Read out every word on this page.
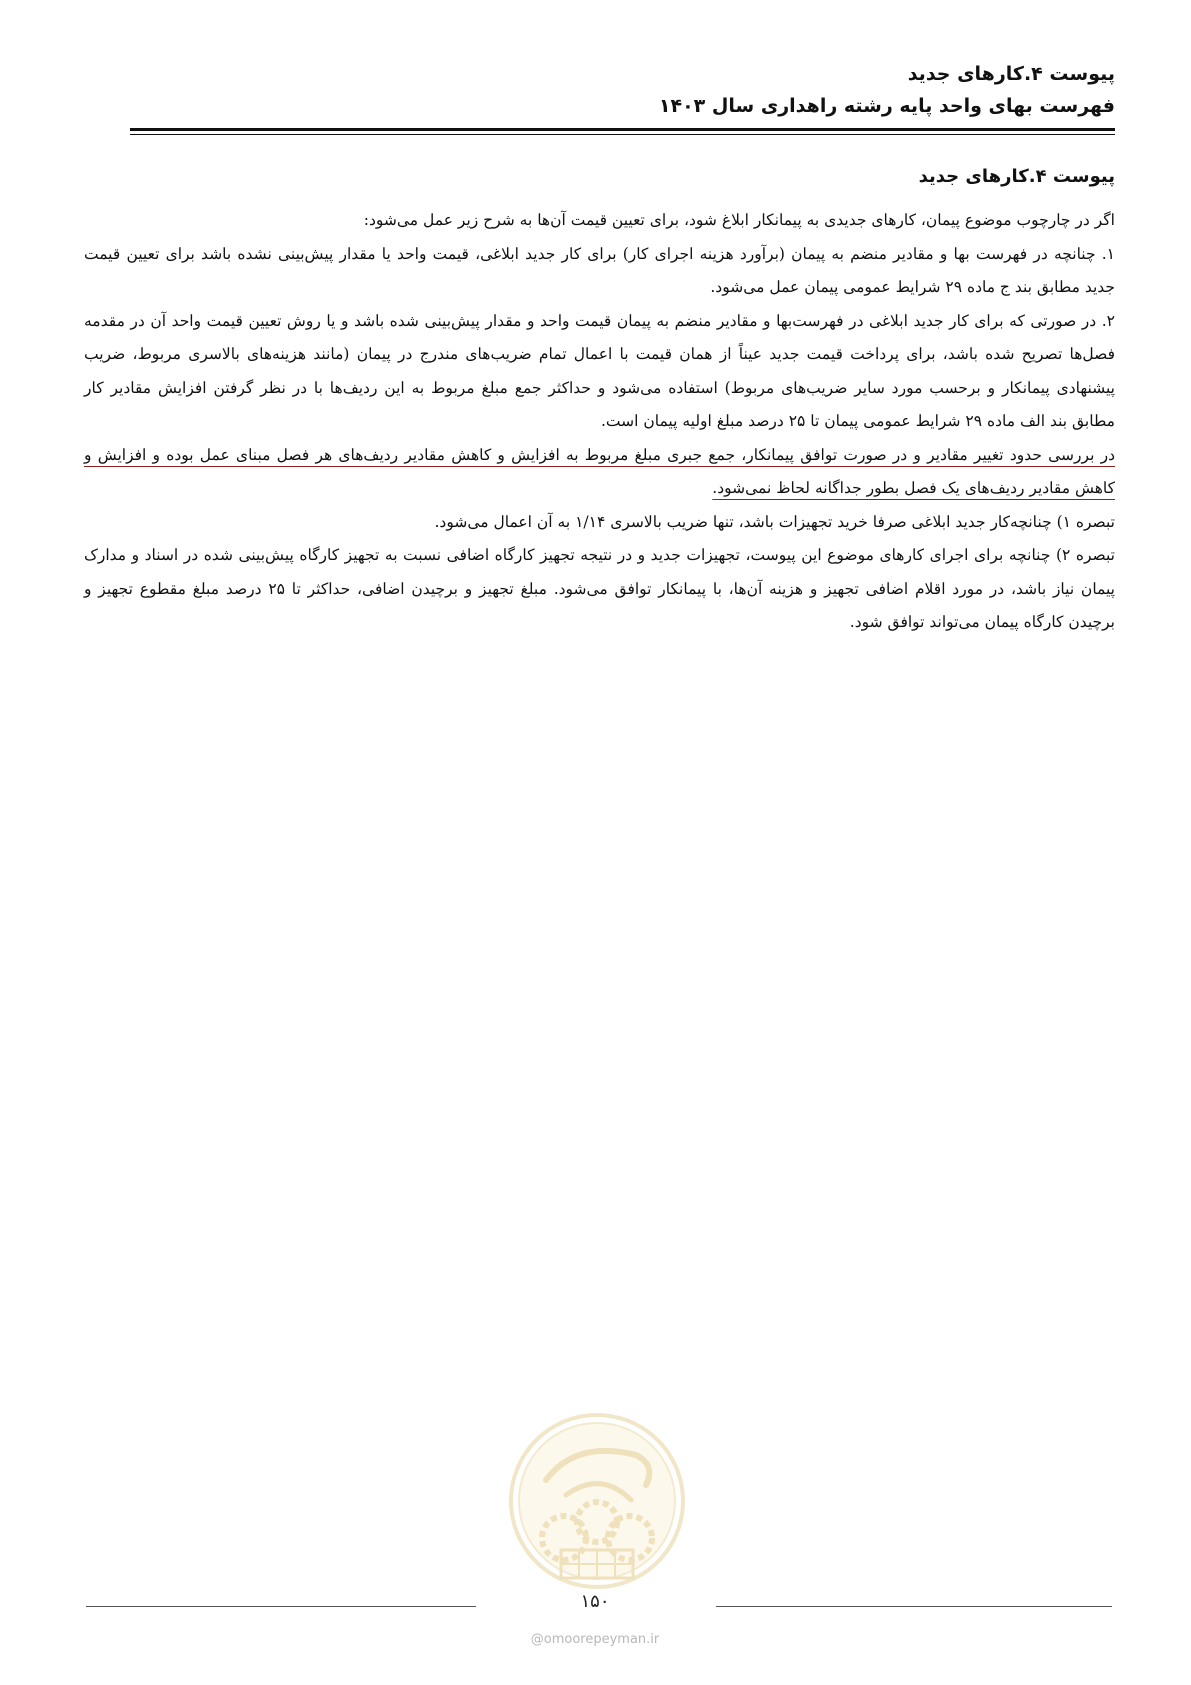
پیوست ۴.کارهای جدید
فهرست بهای واحد پایه رشته راهداری سال ۱۴۰۳
پیوست ۴.کارهای جدید

اگر در چارچوب موضوع پیمان، کارهای جدیدی به پیمانکار ابلاغ شود، برای تعیین قیمت آن‌ها به شرح زیر عمل می‌شود:

۱. چنانچه در فهرست بها و مقادیر منضم به پیمان (برآورد هزینه اجرای کار) برای کار جدید ابلاغی، قیمت واحد یا مقدار پیش‌بینی نشده باشد برای تعیین قیمت جدید مطابق بند ج ماده ۲۹ شرایط عمومی پیمان عمل می‌شود.

۲. در صورتی که برای کار جدید ابلاغی در فهرست‌بها و مقادیر منضم به پیمان قیمت واحد و مقدار پیش‌بینی شده باشد و یا روش تعیین قیمت واحد آن در مقدمه فصل‌ها تصریح شده باشد، برای پرداخت قیمت جدید عیناً از همان قیمت با اعمال تمام ضریب‌های مندرج در پیمان (مانند هزینه‌های بالاسری مربوط، ضریب پیشنهادی پیمانکار و برحسب مورد سایر ضریب‌های مربوط) استفاده می‌شود و حداکثر جمع مبلغ مربوط به این ردیف‌ها با در نظر گرفتن افزایش مقادیر کار مطابق بند الف ماده ۲۹ شرایط عمومی پیمان تا ۲۵ درصد مبلغ اولیه پیمان است.

در بررسی حدود تغییر مقادیر و در صورت توافق پیمانکار، جمع جبری مبلغ مربوط به افزایش و کاهش مقادیر ردیف‌های هر فصل مبنای عمل بوده و افزایش و کاهش مقادیر ردیف‌های یک فصل بطور جداگانه لحاظ نمی‌شود.

تبصره ۱) چنانچه‌کار جدید ابلاغی صرفا خرید تجهیزات باشد، تنها ضریب بالاسری ۱/۱۴ به آن اعمال می‌شود.

تبصره ۲) چنانچه برای اجرای کارهای موضوع این پیوست، تجهیزات جدید و در نتیجه تجهیز کارگاه اضافی نسبت به تجهیز کارگاه پیش‌بینی شده در اسناد و مدارک پیمان نیاز باشد، در مورد اقلام اضافی تجهیز و هزینه آن‌ها، با پیمانکار توافق می‌شود. مبلغ تجهیز و برچیدن اضافی، حداکثر تا ۲۵ درصد مبلغ مقطوع تجهیز و برچیدن کارگاه پیمان می‌تواند توافق شود.

۱۵۰
@omoorepeyman.ir
